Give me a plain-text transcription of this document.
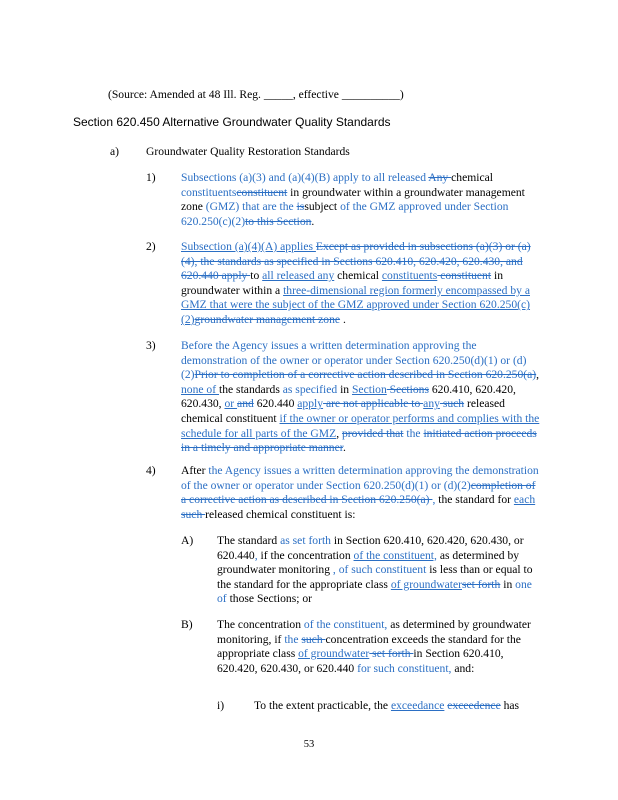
(Source: Amended at 48 Ill. Reg. _____, effective __________)
Section 620.450 Alternative Groundwater Quality Standards
a) Groundwater Quality Restoration Standards
1) Subsections (a)(3) and (a)(4)(B) apply to all released Any chemical constituentsconstituent in groundwater within a groundwater management zone (GMZ) that are the issubject of the GMZ approved under Section 620.250(c)(2)to this Section.
2) Subsection (a)(4)(A) applies Except as provided in subsections (a)(3) or (a)(4), the standards as specified in Sections 620.410, 620.420, 620.430, and 620.440 apply to all released any chemical constituents constituent in groundwater within a three-dimensional region formerly encompassed by a GMZ that were the subject of the GMZ approved under Section 620.250(c)(2)groundwater management zone .
3) Before the Agency issues a written determination approving the demonstration of the owner or operator under Section 620.250(d)(1) or (d)(2)Prior to completion of a corrective action described in Section 620.250(a), none of the standards as specified in Section Sections 620.410, 620.420, 620.430, or and 620.440 apply are not applicable to any such released chemical constituent if the owner or operator performs and complies with the schedule for all parts of the GMZ, provided that the initiated action proceeds in a timely and appropriate manner.
4) After the Agency issues a written determination approving the demonstration of the owner or operator under Section 620.250(d)(1) or (d)(2)completion of a corrective action as described in Section 620.250(a) , the standard for each such released chemical constituent is:
A) The standard as set forth in Section 620.410, 620.420, 620.430, or 620.440, if the concentration of the constituent, as determined by groundwater monitoring , of such constituent is less than or equal to the standard for the appropriate class of groundwaterset forth in one of those Sections; or
B) The concentration of the constituent, as determined by groundwater monitoring, if the such concentration exceeds the standard for the appropriate class of groundwater set forth in Section 620.410, 620.420, 620.430, or 620.440 for such constituent, and:
i)	To the extent practicable, the exceedance exceedence has
53
